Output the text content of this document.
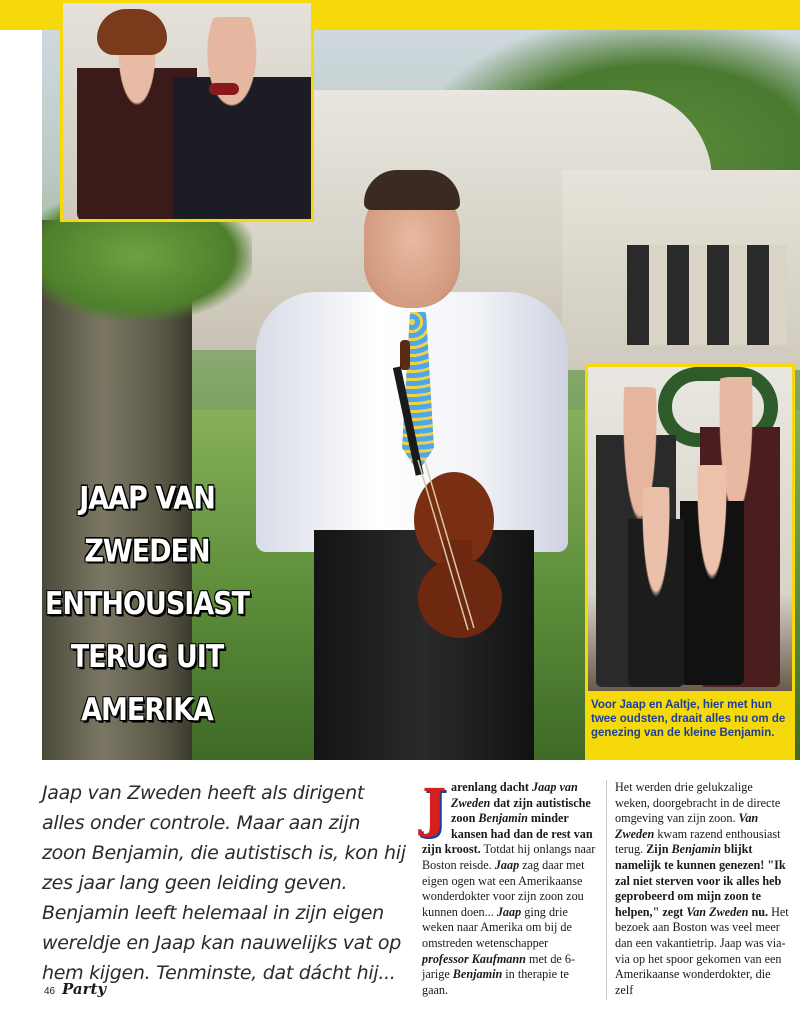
JAAP VAN
ZWEDEN
ENTHOUSIAST
TERUG UIT
AMERIKA	Voor Jaap en Aaltje, hier met hun twee oudsten, draait alles nu om de genezing van de kleine Benjamin.

Jaap van Zweden heeft als dirigent alles onder controle. Maar aan zijn zoon Benjamin, die autistisch is, kon hij zes jaar lang geen leiding geven. Benjamin leeft helemaal in zijn eigen wereldje en Jaap kan nauwelijks vat op hem kijgen. Tenminste, dat dácht hij...

J arenlang dacht Jaap van Zweden dat zijn autistische zoon Benjamin minder kansen had dan de rest van zijn kroost. Totdat hij onlangs naar Boston reisde. Jaap zag daar met eigen ogen wat een Amerikaanse wonderdokter voor zijn zoon zou kunnen doen... Jaap ging drie weken naar Amerika om bij de omstreden wetenschapper professor Kaufmann met de 6-jarige Benjamin in therapie te gaan.
Het werden drie gelukzalige weken, doorgebracht in de directe omgeving van zijn zoon. Van Zweden kwam razend enthousiast terug. Zijn Benjamin blijkt namelijk te kunnen genezen! "Ik zal niet sterven voor ik alles heb geprobeerd om mijn zoon te helpen," zegt Van Zweden nu. Het bezoek aan Boston was veel meer dan een vakantietrip. Jaap was via-via op het spoor gekomen van een Amerikaanse wonderdokter, die zelf
46 Party
